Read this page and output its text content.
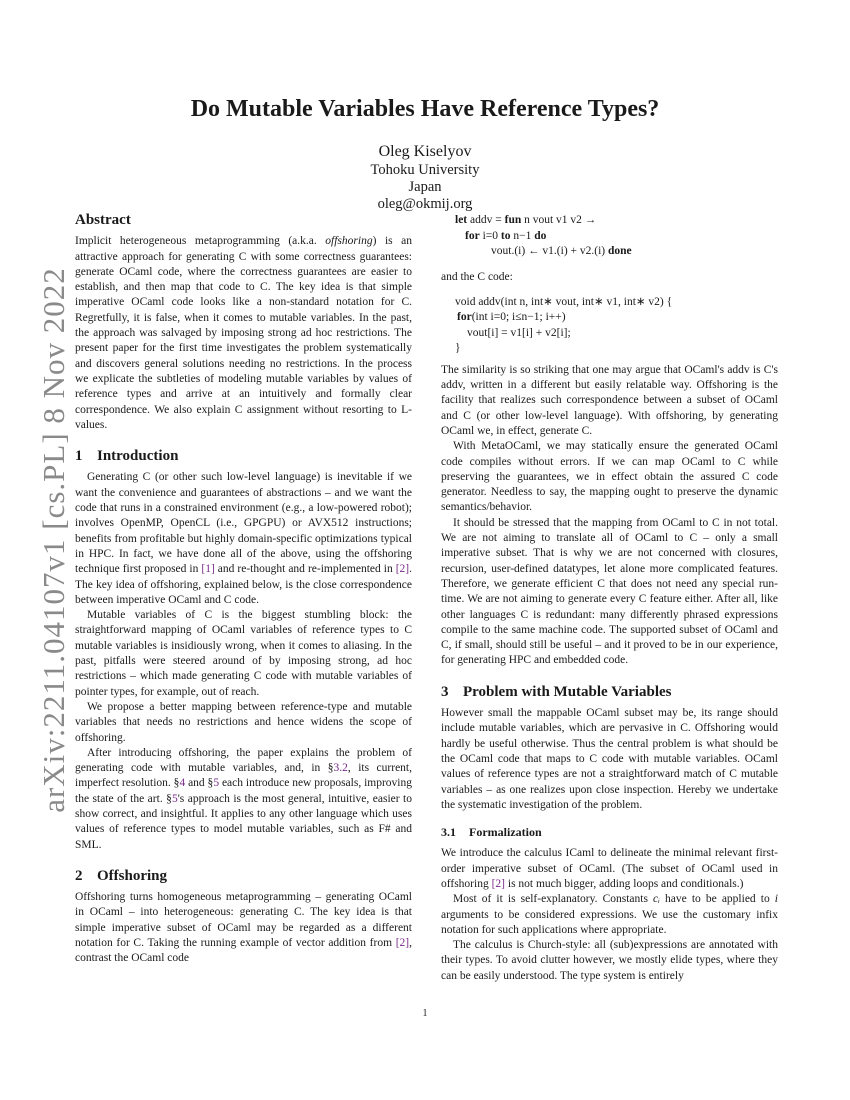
Do Mutable Variables Have Reference Types?
Oleg Kiselyov
Tohoku University
Japan
oleg@okmij.org
arXiv:2211.04107v1 [cs.PL] 8 Nov 2022
Abstract

Implicit heterogeneous metaprogramming (a.k.a. offshoring) is an attractive approach for generating C with some correctness guarantees: generate OCaml code, where the correctness guarantees are easier to establish, and then map that code to C. The key idea is that simple imperative OCaml code looks like a non-standard notation for C. Regretfully, it is false, when it comes to mutable variables. In the past, the approach was salvaged by imposing strong ad hoc restrictions. The present paper for the first time investigates the problem systematically and discovers general solutions needing no restrictions. In the process we explicate the subtleties of modeling mutable variables by values of reference types and arrive at an intuitively and formally clear correspondence. We also explain C assignment without resorting to L-values.

1 Introduction

Generating C (or other such low-level language) is inevitable if we want the convenience and guarantees of abstractions – and we want the code that runs in a constrained environment (e.g., a low-powered robot); involves OpenMP, OpenCL (i.e., GPGPU) or AVX512 instructions; benefits from profitable but highly domain-specific optimizations typical in HPC. In fact, we have done all of the above, using the offshoring technique first proposed in [1] and re-thought and re-implemented in [2]. The key idea of offshoring, explained below, is the close correspondence between imperative OCaml and C code.

Mutable variables of C is the biggest stumbling block: the straightforward mapping of OCaml variables of reference types to C mutable variables is insidiously wrong, when it comes to aliasing. In the past, pitfalls were steered around of by imposing strong, ad hoc restrictions – which made generating C code with mutable variables of pointer types, for example, out of reach.

We propose a better mapping between reference-type and mutable variables that needs no restrictions and hence widens the scope of offshoring.

After introducing offshoring, the paper explains the problem of generating code with mutable variables, and, in §3.2, its current, imperfect resolution. §4 and §5 each introduce new proposals, improving the state of the art. §5's approach is the most general, intuitive, easier to show correct, and insightful. It applies to any other language which uses values of reference types to model mutable variables, such as F# and SML.

2 Offshoring

Offshoring turns homogeneous metaprogramming – generating OCaml in OCaml – into heterogeneous: generating C. The key idea is that simple imperative subset of OCaml may be regarded as a different notation for C. Taking the running example of vector addition from [2], contrast the OCaml code

let addv = fun n vout v1 v2 →
for i=0 to n−1 do
vout.(i) ← v1.(i) + v2.(i) done

and the C code:

void addv(int n, int∗ vout, int∗ v1, int∗ v2) {
for(int i=0; i≤n−1; i++)
vout[i] = v1[i] + v2[i];
}

The similarity is so striking that one may argue that OCaml's addv is C's addv, written in a different but easily relatable way. Offshoring is the facility that realizes such correspondence between a subset of OCaml and C (or other low-level language). With offshoring, by generating OCaml we, in effect, generate C.

With MetaOCaml, we may statically ensure the generated OCaml code compiles without errors. If we can map OCaml to C while preserving the guarantees, we in effect obtain the assured C code generator. Needless to say, the mapping ought to preserve the dynamic semantics/behavior.

It should be stressed that the mapping from OCaml to C in not total. We are not aiming to translate all of OCaml to C – only a small imperative subset. That is why we are not concerned with closures, recursion, user-defined datatypes, let alone more complicated features. Therefore, we generate efficient C that does not need any special run-time. We are not aiming to generate every C feature either. After all, like other languages C is redundant: many differently phrased expressions compile to the same machine code. The supported subset of OCaml and C, if small, should still be useful – and it proved to be in our experience, for generating HPC and embedded code.

3 Problem with Mutable Variables

However small the mappable OCaml subset may be, its range should include mutable variables, which are pervasive in C. Offshoring would hardly be useful otherwise. Thus the central problem is what should be the OCaml code that maps to C code with mutable variables. OCaml values of reference types are not a straightforward match of C mutable variables – as one realizes upon close inspection. Hereby we undertake the systematic investigation of the problem.

3.1 Formalization

We introduce the calculus ICaml to delineate the minimal relevant first-order imperative subset of OCaml. (The subset of OCaml used in offshoring [2] is not much bigger, adding loops and conditionals.)

Most of it is self-explanatory. Constants cᵢ have to be applied to i arguments to be considered expressions. We use the customary infix notation for such applications where appropriate.

The calculus is Church-style: all (sub)expressions are annotated with their types. To avoid clutter however, we mostly elide types, where they can be easily understood. The type system is entirely

1
